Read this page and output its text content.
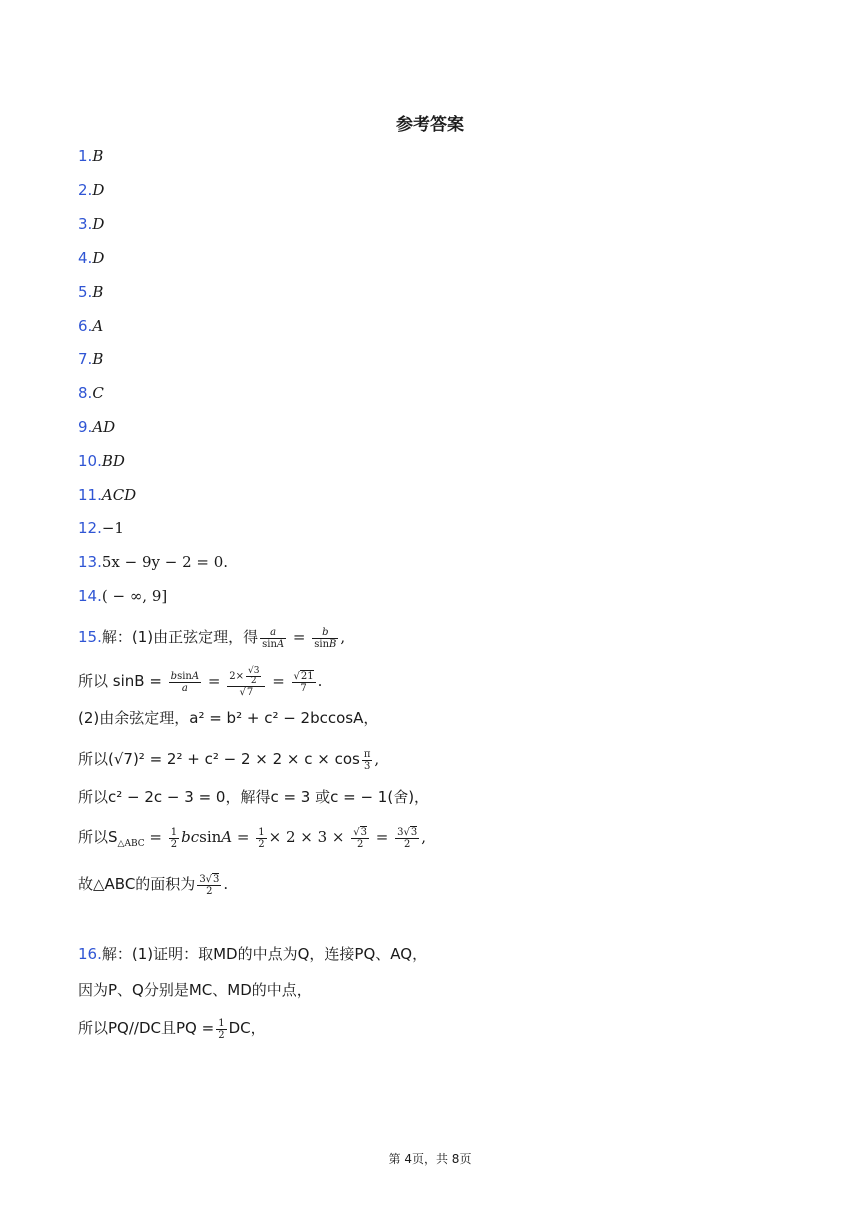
参考答案
1.B
2.D
3.D
4.D
5.B
6.A
7.B
8.C
9.AD
10.BD
11.ACD
12.−1
13.5x − 9y − 2 = 0.
14.( − ∞, 9]
15.解：(1)由正弦定理，得 $\frac{a}{\sin A} = \frac{b}{\sin B}$ ,
所以 $\sin B = \frac{bsinA}{a} = \frac{2\times \frac{√3}{2}}{√7} = \frac{√21}{7}$ .
(2)由余弦定理，a² = b² + c² − 2bccosA，
所以$(√7)^2 = 2^2 + c^2 - 2 \times 2 \times c \times \cos \frac{\pi}{3}$ ,
所以c² − 2c − 3 = 0，解得c = 3 或c = − 1(舍)，
所以$S_{\triangle ABC} = \frac{1}{2}$ $bcsinA = \frac{1}{2} \times 2 \times 3 \times \frac{√3}{2} = \frac{3√3}{2}$ ,
故△ABC的面积为 $\frac{3√3}{2}$ .
16.解：(1)证明：取MD的中点为Q，连接PQ、AQ，
因为P、Q分别是MC、MD的中点，
所以PQ//DC且PQ = $\frac{1}{2}$ DC，
第 4页，共 8页
